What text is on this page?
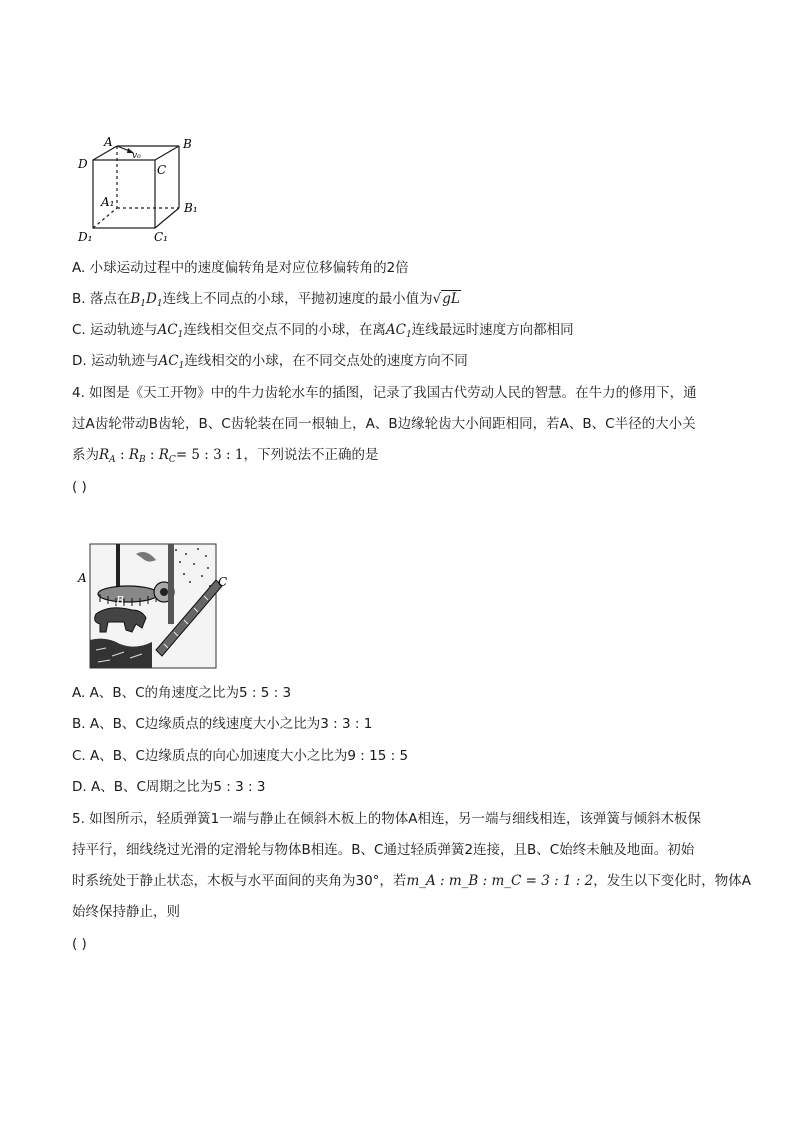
A
v₀
B
D	C
A₁	B₁
D₁	C₁
A. 小球运动过程中的速度偏转角是对应位移偏转角的2倍
B. 落点在$B_1D_1$连线上不同点的小球，平抛初速度的最小值为√gL
C. 运动轨迹与$AC_1$连线相交但交点不同的小球，在离$AC_1$连线最远时速度方向都相同
D. 运动轨迹与$AC_1$连线相交的小球，在不同交点处的速度方向不同
4. 如图是《天工开物》中的牛力齿轮水车的插图，记录了我国古代劳动人民的智慧。在牛力的修用下，通
过A齿轮带动B齿轮，B、C齿轮装在同一根轴上，A、B边缘轮齿大小间距相同，若A、B、C半径的大小关
系为$R_A$ : $R_B$ : $R_C= 5$ : 3 : 1，下列说法不正确的是
( )
A
B
C
A. A、B、C的角速度之比为5 : 5 : 3
B. A、B、C边缘质点的线速度大小之比为3 : 3 : 1
C. A、B、C边缘质点的向心加速度大小之比为9 : 15 : 5
D. A、B、C周期之比为5 : 3 : 3
5. 如图所示，轻质弹簧1一端与静止在倾斜木板上的物体A相连，另一端与细线相连，该弹簧与倾斜木板保
持平行，细线绕过光滑的定滑轮与物体B相连。B、C通过轻质弹簧2连接，且B、C始终未触及地面。初始
时系统处于静止状态，木板与水平面间的夹角为30°，若m_A : m_B : m_C = 3 : 1 : 2，发生以下变化时，物体A
始终保持静止，则
( )
